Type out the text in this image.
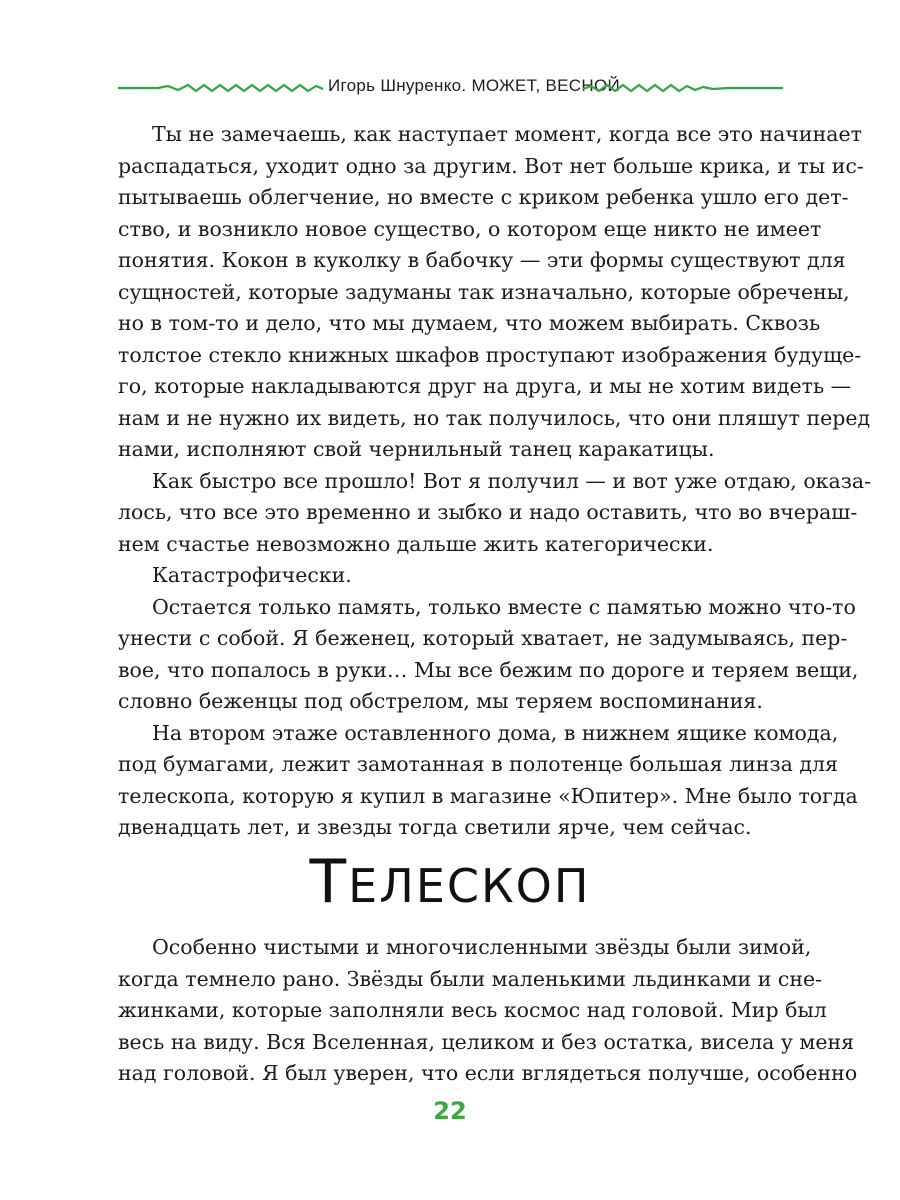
Игорь Шнуренко. МОЖЕТ, ВЕСНОЙ
Ты не замечаешь, как наступает момент, когда все это начинает
распадаться, уходит одно за другим. Вот нет больше крика, и ты ис-
пытываешь облегчение, но вместе с криком ребенка ушло его дет-
ство, и возникло новое существо, о котором еще никто не имеет
понятия. Кокон в куколку в бабочку — эти формы существуют для
сущностей, которые задуманы так изначально, которые обречены,
но в том-то и дело, что мы думаем, что можем выбирать. Сквозь
толстое стекло книжных шкафов проступают изображения будуще-
го, которые накладываются друг на друга, и мы не хотим видеть —
нам и не нужно их видеть, но так получилось, что они пляшут перед
нами, исполняют свой чернильный танец каракатицы.
Как быстро все прошло! Вот я получил — и вот уже отдаю, оказа-
лось, что все это временно и зыбко и надо оставить, что во вчераш-
нем счастье невозможно дальше жить категорически.
Катастрофически.
Остается только память, только вместе с памятью можно что-то
унести с собой. Я беженец, который хватает, не задумываясь, пер-
вое, что попалось в руки… Мы все бежим по дороге и теряем вещи,
словно беженцы под обстрелом, мы теряем воспоминания.
На втором этаже оставленного дома, в нижнем ящике комода,
под бумагами, лежит замотанная в полотенце большая линза для
телескопа, которую я купил в магазине «Юпитер». Мне было тогда
двенадцать лет, и звезды тогда светили ярче, чем сейчас.
ТЕЛЕСКОП
Особенно чистыми и многочисленными звёзды были зимой,
когда темнело рано. Звёзды были маленькими льдинками и сне-
жинками, которые заполняли весь космос над головой. Мир был
весь на виду. Вся Вселенная, целиком и без остатка, висела у меня
над головой. Я был уверен, что если вглядеться получше, особенно
22
